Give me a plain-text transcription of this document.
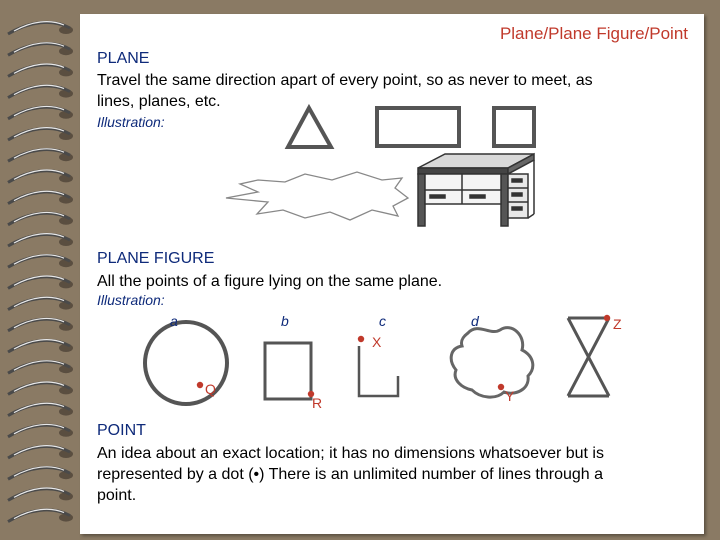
Plane/Plane Figure/Point

PLANE

Travel the same direction apart of every point, so as never to meet, as

lines, planes, etc.

Illustration:

PLANE FIGURE

All the points of a figure lying on the same plane.

Illustration:

POINT

An idea about an exact location; it has no dimensions whatsoever but is

represented by a dot (•) There is an unlimited number of lines through a

point.

a	b	c	d
Q
R
X
Y
Z
